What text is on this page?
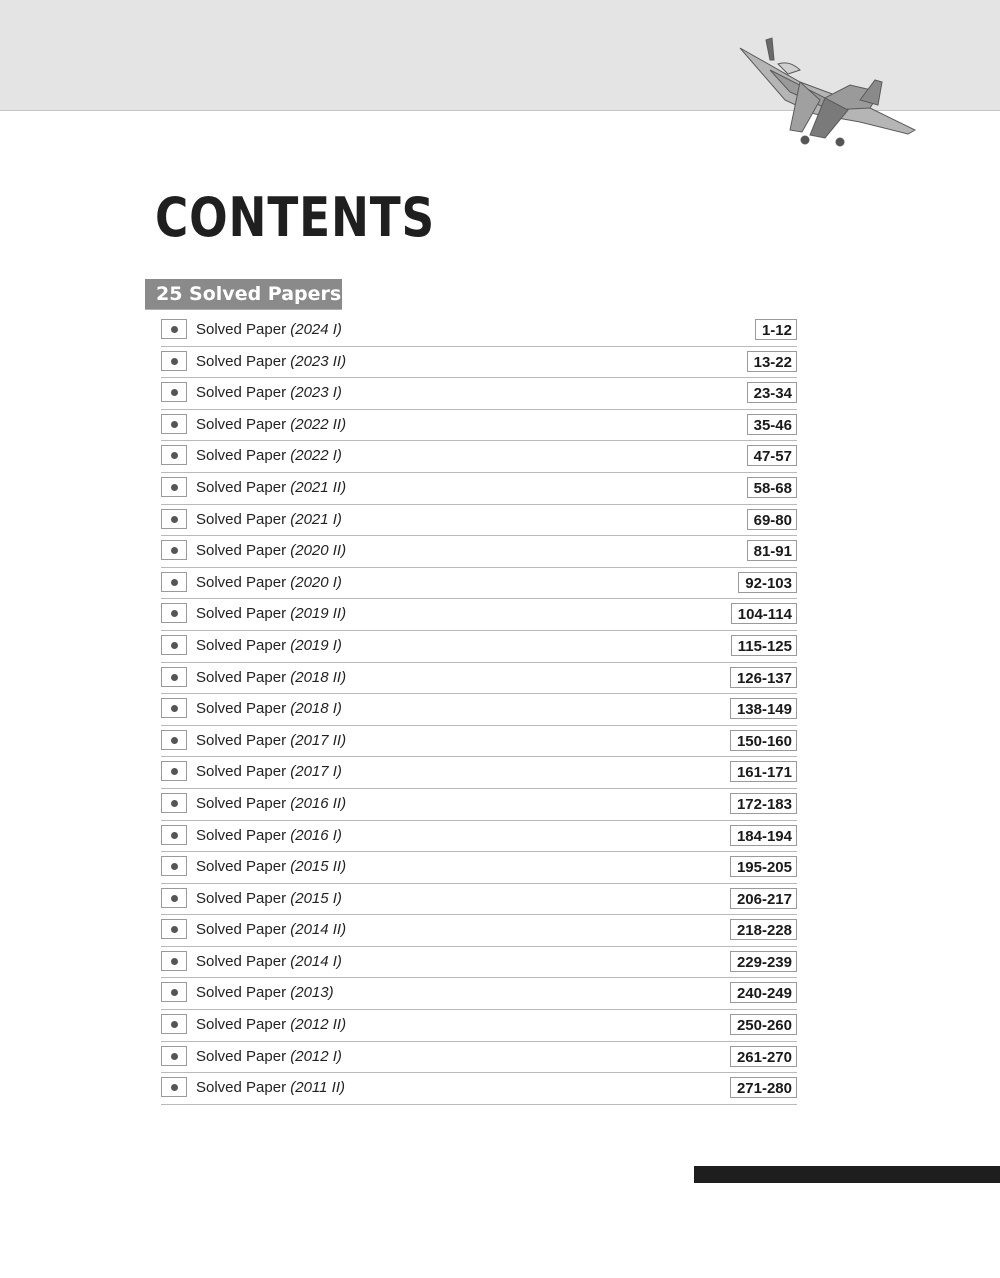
CONTENTS
25 Solved Papers
Solved Paper (2024 I)	1-12
Solved Paper (2023 II)	13-22
Solved Paper (2023 I)	23-34
Solved Paper (2022 II)	35-46
Solved Paper (2022 I)	47-57
Solved Paper (2021 II)	58-68
Solved Paper (2021 I)	69-80
Solved Paper (2020 II)	81-91
Solved Paper (2020 I)	92-103
Solved Paper (2019 II)	104-114
Solved Paper (2019 I)	115-125
Solved Paper (2018 II)	126-137
Solved Paper (2018 I)	138-149
Solved Paper (2017 II)	150-160
Solved Paper (2017 I)	161-171
Solved Paper (2016 II)	172-183
Solved Paper (2016 I)	184-194
Solved Paper (2015 II)	195-205
Solved Paper (2015 I)	206-217
Solved Paper (2014 II)	218-228
Solved Paper (2014 I)	229-239
Solved Paper (2013)	240-249
Solved Paper (2012 II)	250-260
Solved Paper (2012 I)	261-270
Solved Paper (2011 II)	271-280
